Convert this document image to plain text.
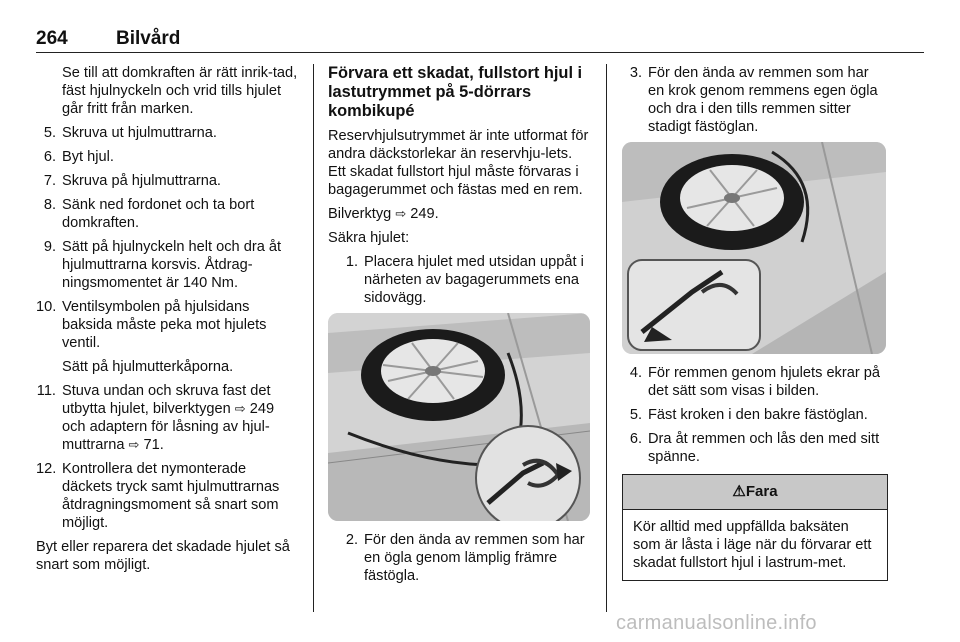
264	Bilvård
Se till att domkraften är rätt inrik-tad, fäst hjulnyckeln och vrid tills hjulet går fritt från marken.
5. Skruva ut hjulmuttrarna.
6. Byt hjul.
7. Skruva på hjulmuttrarna.
8. Sänk ned fordonet och ta bort domkraften.
9. Sätt på hjulnyckeln helt och dra åt hjulmuttrarna korsvis. Åtdrag-ningsmomentet är 140 Nm.
10. Ventilsymbolen på hjulsidans baksida måste peka mot hjulets ventil.
Sätt på hjulmutterkåporna.
11. Stuva undan och skruva fast det utbytta hjulet, bilverktygen ⇨ 249 och adaptern för låsning av hjul-muttrarna ⇨ 71.
12. Kontrollera det nymonterade däckets tryck samt hjulmuttrarnas åtdragningsmoment så snart som möjligt.

Byt eller reparera det skadade hjulet så snart som möjligt.

Förvara ett skadat, fullstort hjul i lastutrymmet på 5-dörrars kombikupé

Reservhjulsutrymmet är inte utformat för andra däckstorlekar än reservhju-lets. Ett skadat fullstort hjul måste förvaras i bagagerummet och fästas med en rem.

Bilverktyg ⇨ 249.

Säkra hjulet:

1. Placera hjulet med utsidan uppåt i närheten av bagagerummets ena sidovägg.
2. För den ända av remmen som har en ögla genom lämplig främre fästögla.
3. För den ända av remmen som har en krok genom remmens egen ögla och dra i den tills remmen sitter stadigt fästöglan.
4. För remmen genom hjulets ekrar på det sätt som visas i bilden.
5. Fäst kroken i den bakre fästöglan.
6. Dra åt remmen och lås den med sitt spänne.
⚠ Fara
Kör alltid med uppfällda baksäten som är låsta i läge när du förvarar ett skadat fullstort hjul i lastrum-met.
carmanualsonline.info
